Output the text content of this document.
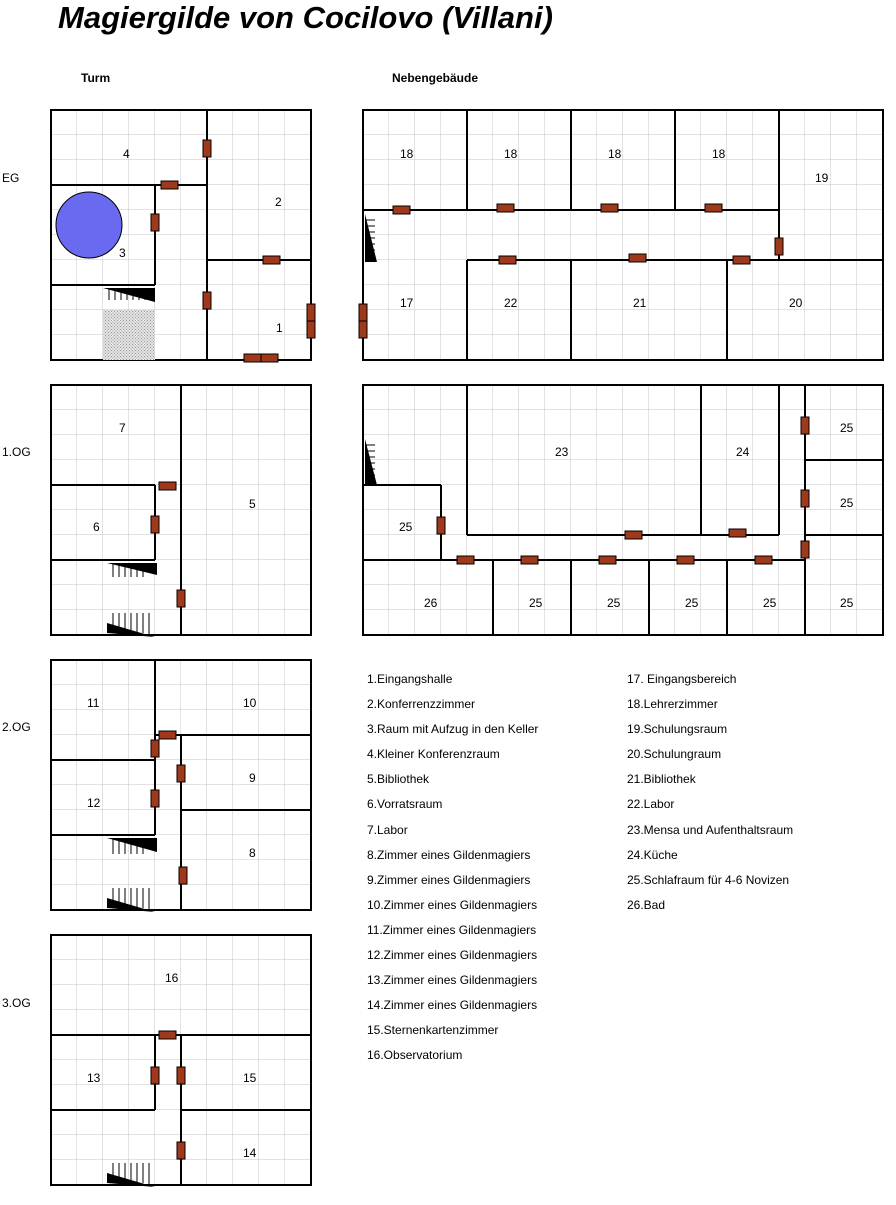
Magiergilde von Cocilovo (Villani)
Turm	Nebengebäude
EG
1.OG
2.OG
3.OG
4
2
3
1
18	18	18	18
19
17	22	21	20
7
6
5
23	24
25
25
25
26	25	25	25	25	25
11	10
9
12
8
16
13	15
14
1.Eingangshalle
2.Konferrenzzimmer
3.Raum mit Aufzug in den Keller
4.Kleiner Konferenzraum
5.Bibliothek
6.Vorratsraum
7.Labor
8.Zimmer eines Gildenmagiers
9.Zimmer eines Gildenmagiers
10.Zimmer eines Gildenmagiers
11.Zimmer eines Gildenmagiers
12.Zimmer eines Gildenmagiers
13.Zimmer eines Gildenmagiers
14.Zimmer eines Gildenmagiers
15.Sternenkartenzimmer
16.Observatorium
17. Eingangsbereich
18.Lehrerzimmer
19.Schulungsraum
20.Schulungraum
21.Bibliothek
22.Labor
23.Mensa und Aufenthaltsraum
24.Küche
25.Schlafraum für 4-6 Novizen
26.Bad
